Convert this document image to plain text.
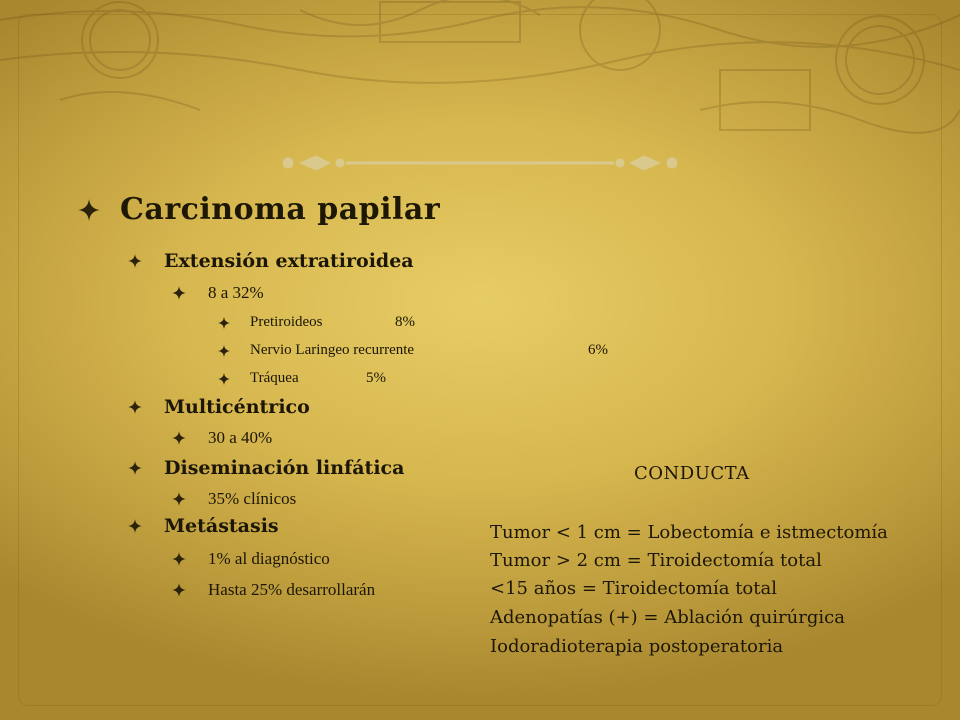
Carcinoma papilar
Extensión extratiroidea
8 a 32%
Pretiroideos	8%
Nervio Laringeo recurrente	6%
Tráquea	5%
Multicéntrico
30 a 40%
Diseminación linfática
35% clínicos
Metástasis
1% al diagnóstico
Hasta 25% desarrollarán
CONDUCTA
Tumor < 1 cm = Lobectomía e istmectomía
Tumor > 2 cm = Tiroidectomía total
<15 años = Tiroidectomía total
Adenopatías (+) = Ablación quirúrgica
Iodoradioterapia postoperatoria
